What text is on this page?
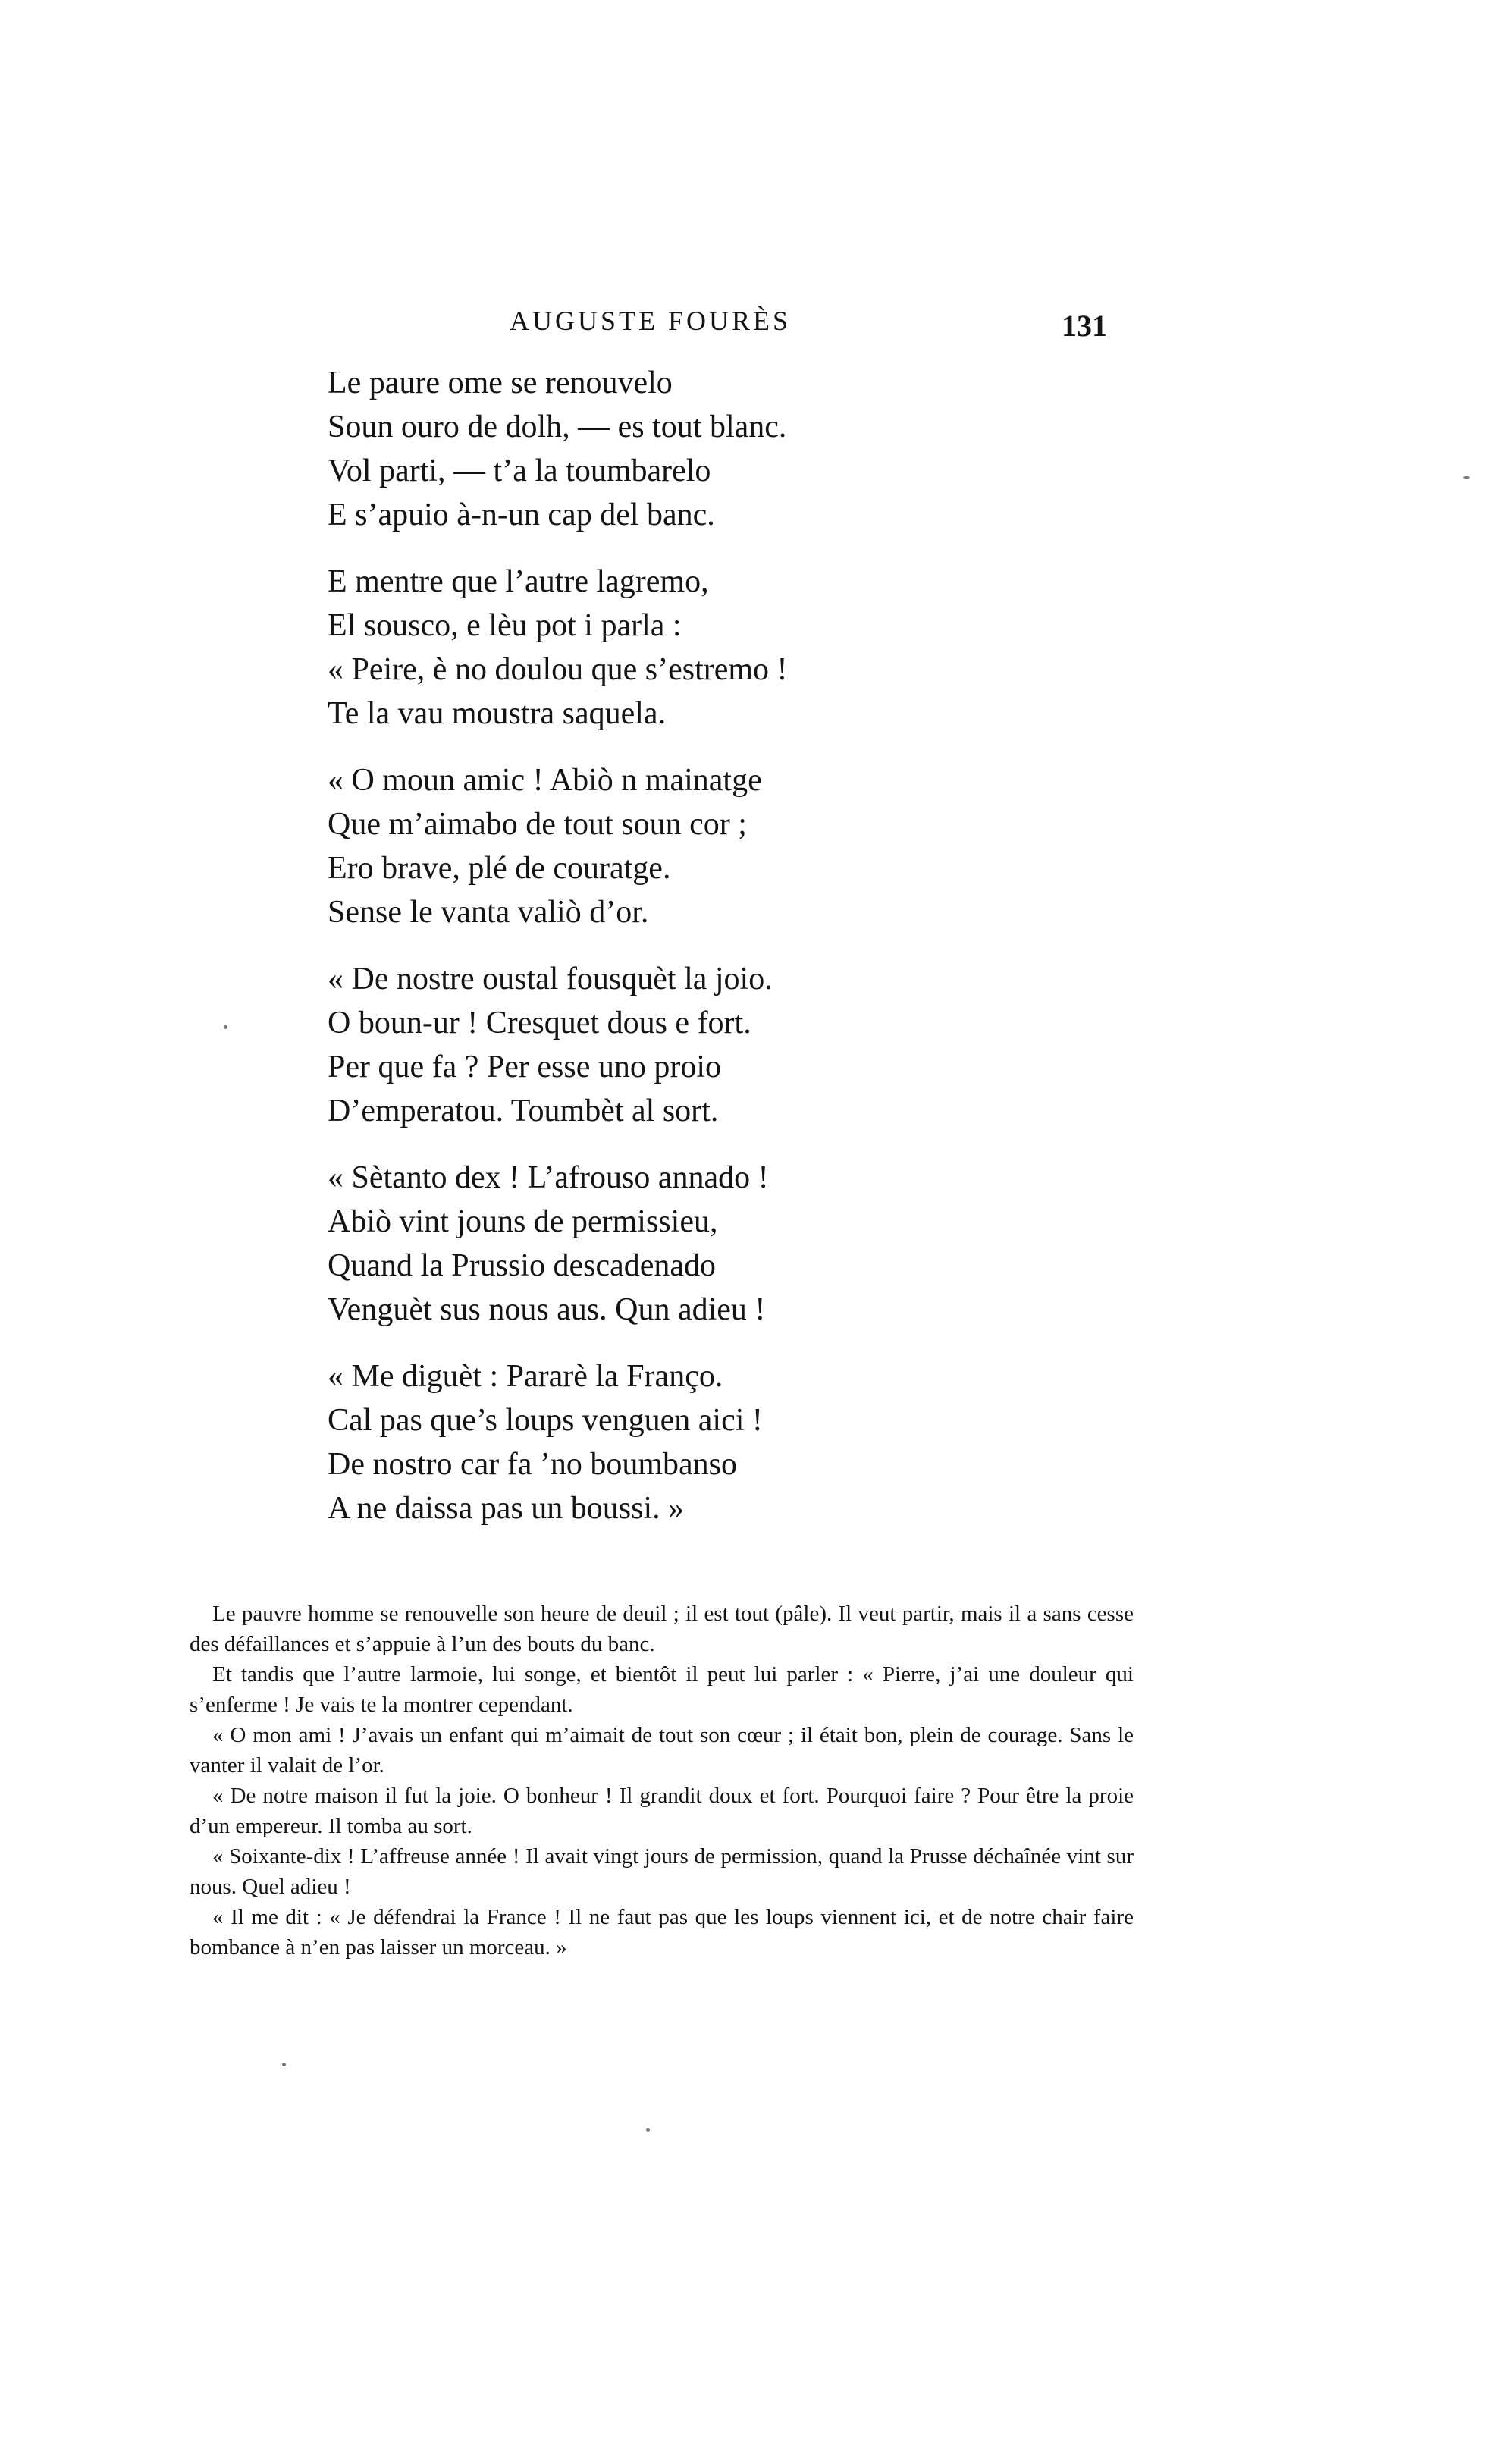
AUGUSTE FOURÈS	131
Le paure ome se renouvelo
Soun ouro de dolh, — es tout blanc.
Vol parti, — t’a la toumbarelo
E s’apuio à-n-un cap del banc.
E mentre que l’autre lagremo,
El sousco, e lèu pot i parla :
« Peire, è no doulou que s’estremo !
Te la vau moustra saquela.
« O moun amic ! Abiò n mainatge
Que m’aimabo de tout soun cor ;
Ero brave, plé de couratge.
Sense le vanta valiò d’or.
« De nostre oustal fousquèt la joio.
O boun-ur ! Cresquet dous e fort.
Per que fa ? Per esse uno proio
D’emperatou. Toumbèt al sort.
« Sètanto dex ! L’afrouso annado !
Abiò vint jouns de permissieu,
Quand la Prussio descadenado
Venguèt sus nous aus. Qun adieu !
« Me diguèt : Pararè la Franço.
Cal pas que’s loups venguen aici !
De nostro car fa ’no boumbanso
A ne daissa pas un boussi. »

Le pauvre homme se renouvelle son heure de deuil ; il est tout (pâle). Il veut partir, mais il a sans cesse des défaillances et s’appuie à l’un des bouts du banc.

Et tandis que l’autre larmoie, lui songe, et bientôt il peut lui parler : « Pierre, j’ai une douleur qui s’enferme ! Je vais te la montrer cependant.

« O mon ami ! J’avais un enfant qui m’aimait de tout son cœur ; il était bon, plein de courage. Sans le vanter il valait de l’or.

« De notre maison il fut la joie. O bonheur ! Il grandit doux et fort. Pourquoi faire ? Pour être la proie d’un empereur. Il tomba au sort.

« Soixante-dix ! L’affreuse année ! Il avait vingt jours de permission, quand la Prusse déchaînée vint sur nous. Quel adieu !

« Il me dit : « Je défendrai la France ! Il ne faut pas que les loups viennent ici, et de notre chair faire bombance à n’en pas laisser un morceau. »
